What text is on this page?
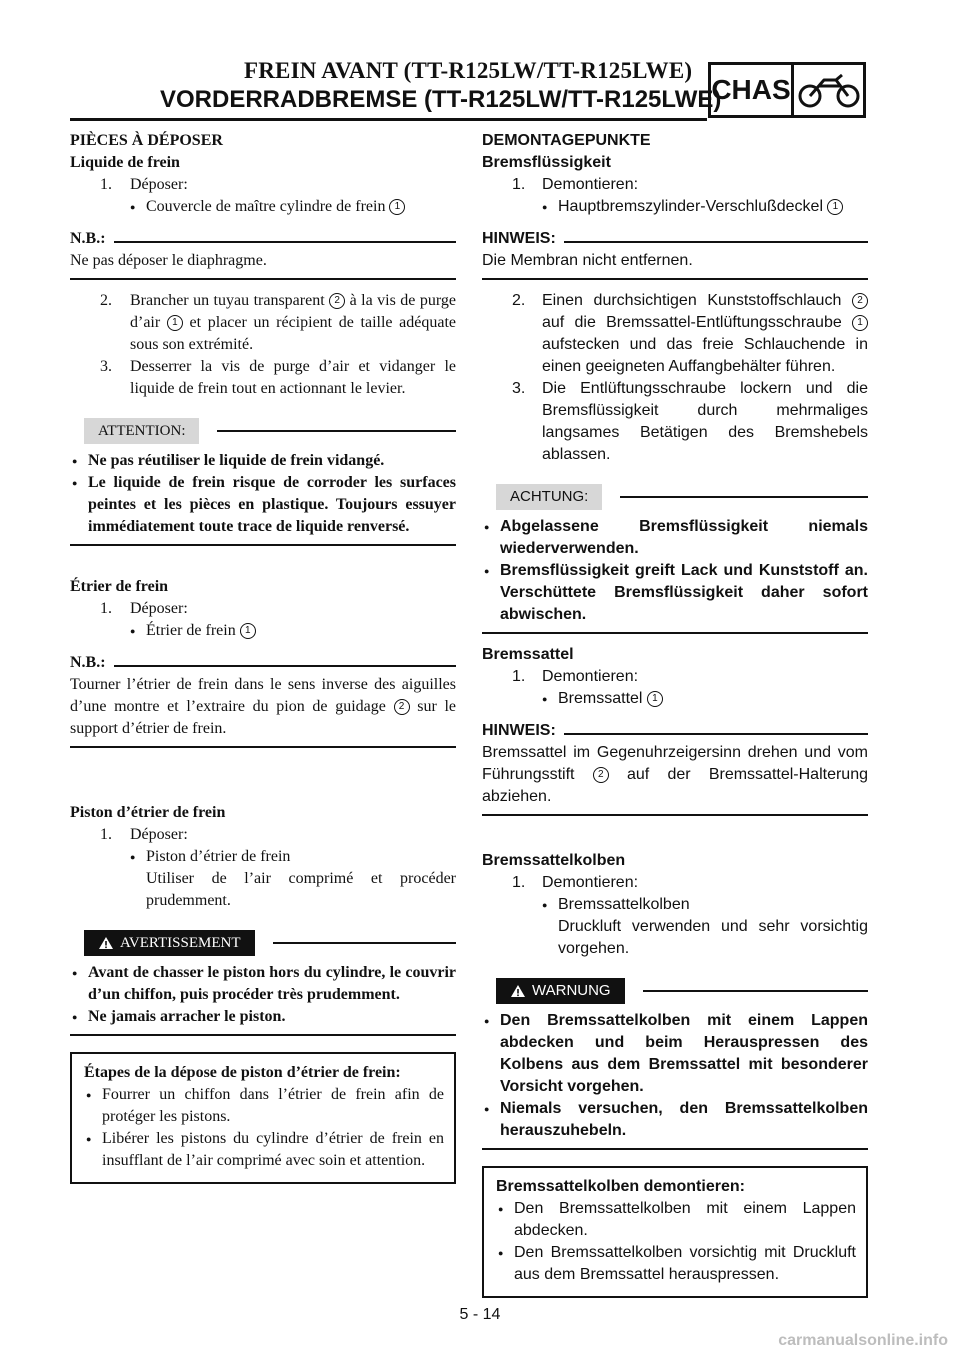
FREIN AVANT (TT-R125LW/TT-R125LWE)
VORDERRADBREMSE (TT-R125LW/TT-R125LWE)
CHAS

PIÈCES À DÉPOSER

Liquide de frein

1. Déposer:

● Couvercle de maître cylindre de frein 1

N.B.:

Ne pas déposer le diaphragme.

2. Brancher un tuyau transparent 2 à la vis de purge d’air 1 et placer un récipient de taille adéquate sous son extrémité.

3. Desserrer la vis de purge d’air et vidanger le liquide de frein tout en actionnant le levier.

ATTENTION:

● Ne pas réutiliser le liquide de frein vidangé.

● Le liquide de frein risque de corroder les surfaces peintes et les pièces en plastique. Toujours essuyer immédiatement toute trace de liquide renversé.

Étrier de frein

1. Déposer:

● Étrier de frein 1

N.B.:

Tourner l’étrier de frein dans le sens inverse des aiguilles d’une montre et l’extraire du pion de guidage 2 sur le support d’étrier de frein.

Piston d’étrier de frein

1. Déposer:

● Piston d’étrier de frein

Utiliser de l’air comprimé et procéder prudemment.

AVERTISSEMENT

● Avant de chasser le piston hors du cylindre, le couvrir d’un chiffon, puis procéder très prudemment.

● Ne jamais arracher le piston.

Étapes de la dépose de piston d’étrier de frein:

● Fourrer un chiffon dans l’étrier de frein afin de protéger les pistons.

● Libérer les pistons du cylindre d’étrier de frein en insufflant de l’air comprimé avec soin et attention.

DEMONTAGEPUNKTE

Bremsflüssigkeit

1. Demontieren:

● Hauptbremszylinder-Verschlußdeckel 1

HINWEIS:

Die Membran nicht entfernen.

2. Einen durchsichtigen Kunststoffschlauch 2 auf die Bremssattel-Entlüftungsschraube 1 aufstecken und das freie Schlauchende in einen geeigneten Auffangbehälter führen.

3. Die Entlüftungsschraube lockern und die Bremsflüssigkeit durch mehrmaliges langsames Betätigen des Bremshebels ablassen.

ACHTUNG:

● Abgelassene Bremsflüssigkeit niemals wiederverwenden.

● Bremsflüssigkeit greift Lack und Kunststoff an. Verschüttete Bremsflüssigkeit daher sofort abwischen.

Bremssattel

1. Demontieren:

● Bremssattel 1

HINWEIS:

Bremssattel im Gegenuhrzeigersinn drehen und vom Führungsstift 2 auf der Bremssattel-Halterung abziehen.

Bremssattelkolben

1. Demontieren:

● Bremssattelkolben

Druckluft verwenden und sehr vorsichtig vorgehen.

WARNUNG

● Den Bremssattelkolben mit einem Lappen abdecken und beim Herauspressen des Kolbens aus dem Bremssattel mit besonderer Vorsicht vorgehen.

● Niemals versuchen, den Bremssattelkolben herauszuhebeln.

Bremssattelkolben demontieren:

● Den Bremssattelkolben mit einem Lappen abdecken.

● Den Bremssattelkolben vorsichtig mit Druckluft aus dem Bremssattel herauspressen.

5 - 14
carmanualsonline.info
